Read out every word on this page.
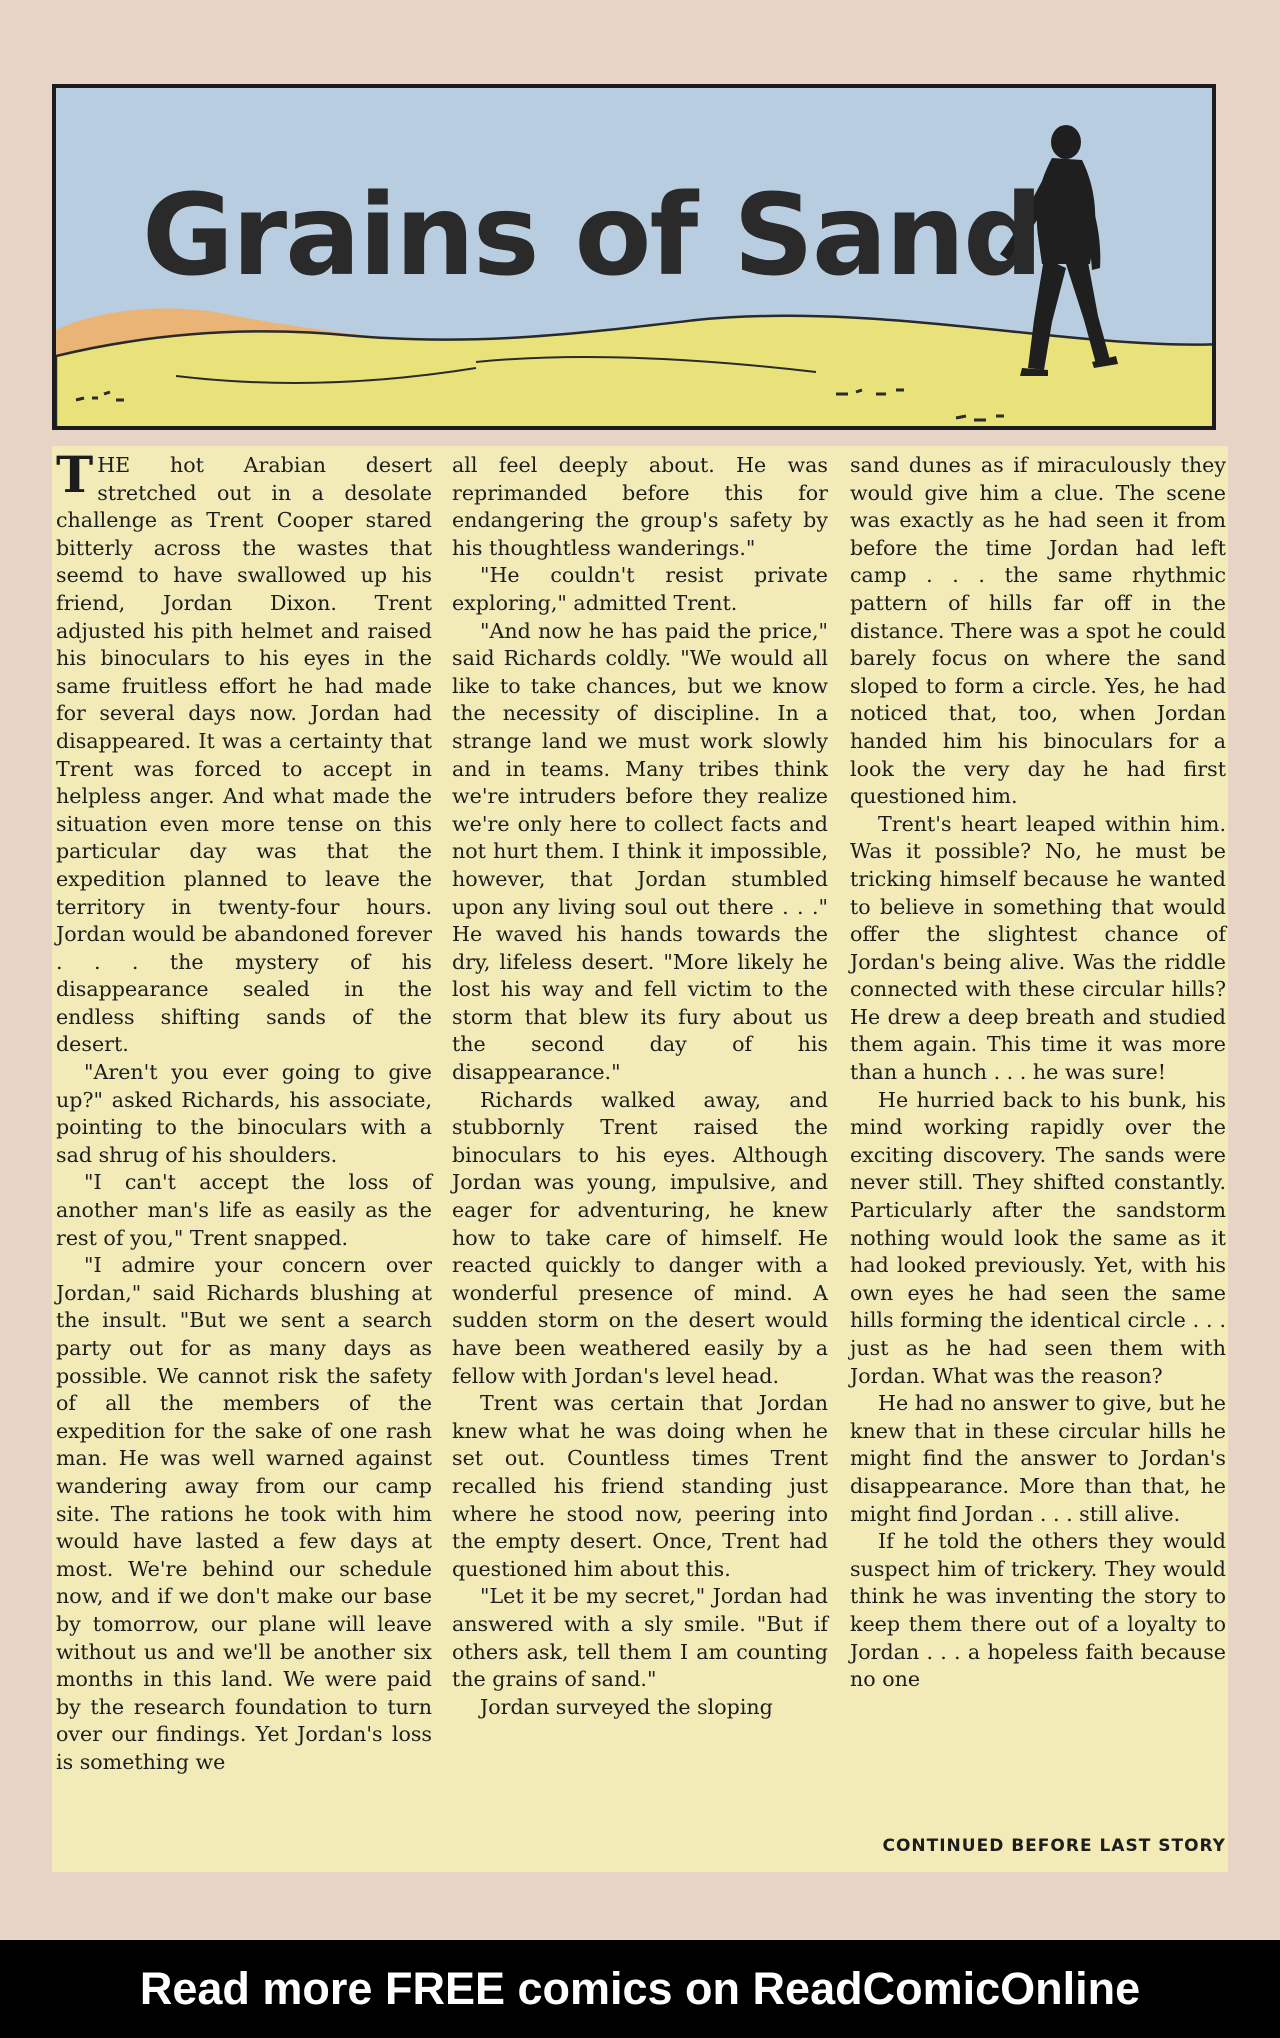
Grains of Sand

THE hot Arabian desert stretched out in a desolate challenge as Trent Cooper stared bitterly across the wastes that seemd to have swallowed up his friend, Jordan Dixon. Trent adjusted his pith helmet and raised his binoculars to his eyes in the same fruitless effort he had made for several days now. Jordan had disappeared. It was a certainty that Trent was forced to accept in helpless anger. And what made the situation even more tense on this particular day was that the expedition planned to leave the territory in twenty-four hours. Jordan would be abandoned forever . . . the mystery of his disappearance sealed in the endless shifting sands of the desert.

"Aren't you ever going to give up?" asked Richards, his associate, pointing to the binoculars with a sad shrug of his shoulders.

"I can't accept the loss of another man's life as easily as the rest of you," Trent snapped.

"I admire your concern over Jordan," said Richards blushing at the insult. "But we sent a search party out for as many days as possible. We cannot risk the safety of all the members of the expedition for the sake of one rash man. He was well warned against wandering away from our camp site. The rations he took with him would have lasted a few days at most. We're behind our schedule now, and if we don't make our base by tomorrow, our plane will leave without us and we'll be another six months in this land. We were paid by the research foundation to turn over our findings. Yet Jordan's loss is something we

all feel deeply about. He was reprimanded before this for endangering the group's safety by his thoughtless wanderings."

"He couldn't resist private exploring," admitted Trent.

"And now he has paid the price," said Richards coldly. "We would all like to take chances, but we know the necessity of discipline. In a strange land we must work slowly and in teams. Many tribes think we're intruders before they realize we're only here to collect facts and not hurt them. I think it impossible, however, that Jordan stumbled upon any living soul out there . . ." He waved his hands towards the dry, lifeless desert. "More likely he lost his way and fell victim to the storm that blew its fury about us the second day of his disappearance."

Richards walked away, and stubbornly Trent raised the binoculars to his eyes. Although Jordan was young, impulsive, and eager for adventuring, he knew how to take care of himself. He reacted quickly to danger with a wonderful presence of mind. A sudden storm on the desert would have been weathered easily by a fellow with Jordan's level head.

Trent was certain that Jordan knew what he was doing when he set out. Countless times Trent recalled his friend standing just where he stood now, peering into the empty desert. Once, Trent had questioned him about this.

"Let it be my secret," Jordan had answered with a sly smile. "But if others ask, tell them I am counting the grains of sand."

Jordan surveyed the sloping

sand dunes as if miraculously they would give him a clue. The scene was exactly as he had seen it from before the time Jordan had left camp . . . the same rhythmic pattern of hills far off in the distance. There was a spot he could barely focus on where the sand sloped to form a circle. Yes, he had noticed that, too, when Jordan handed him his binoculars for a look the very day he had first questioned him.

Trent's heart leaped within him. Was it possible? No, he must be tricking himself because he wanted to believe in something that would offer the slightest chance of Jordan's being alive. Was the riddle connected with these circular hills? He drew a deep breath and studied them again. This time it was more than a hunch . . . he was sure!

He hurried back to his bunk, his mind working rapidly over the exciting discovery. The sands were never still. They shifted constantly. Particularly after the sandstorm nothing would look the same as it had looked previously. Yet, with his own eyes he had seen the same hills forming the identical circle . . . just as he had seen them with Jordan. What was the reason?

He had no answer to give, but he knew that in these circular hills he might find the answer to Jordan's disappearance. More than that, he might find Jordan . . . still alive.

If he told the others they would suspect him of trickery. They would think he was inventing the story to keep them there out of a loyalty to Jordan . . . a hopeless faith because no one

CONTINUED BEFORE LAST STORY
Read more FREE comics on ReadComicOnline
